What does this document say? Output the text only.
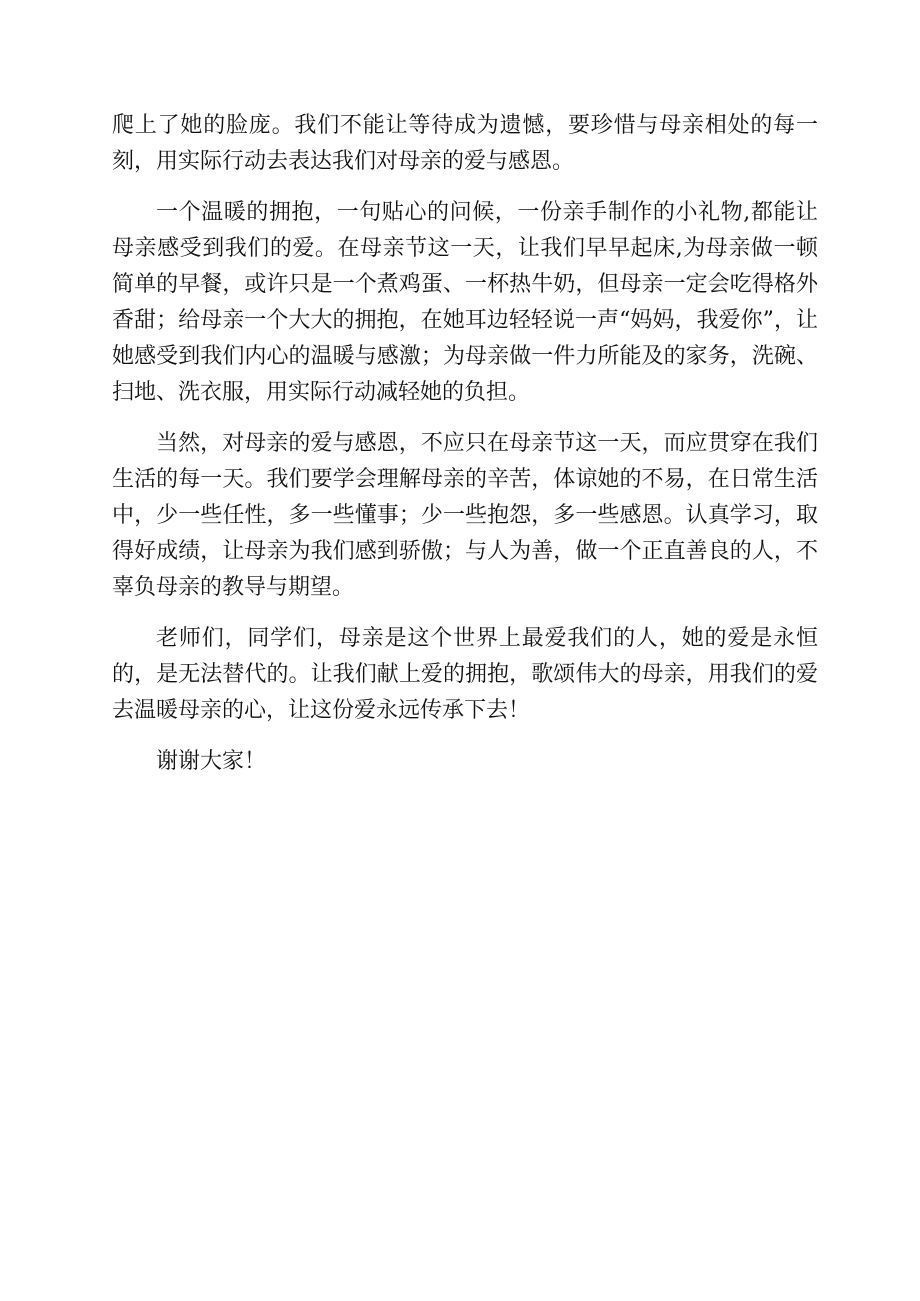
爬上了她的脸庞。我们不能让等待成为遗憾，要珍惜与母亲相处的每一刻，用实际行动去表达我们对母亲的爱与感恩。

一个温暖的拥抱，一句贴心的问候，一份亲手制作的小礼物,都能让母亲感受到我们的爱。在母亲节这一天，让我们早早起床,为母亲做一顿简单的早餐，或许只是一个煮鸡蛋、一杯热牛奶，但母亲一定会吃得格外香甜；给母亲一个大大的拥抱，在她耳边轻轻说一声“妈妈，我爱你”，让她感受到我们内心的温暖与感激；为母亲做一件力所能及的家务，洗碗、扫地、洗衣服，用实际行动减轻她的负担。

当然，对母亲的爱与感恩，不应只在母亲节这一天，而应贯穿在我们生活的每一天。我们要学会理解母亲的辛苦，体谅她的不易，在日常生活中，少一些任性，多一些懂事；少一些抱怨，多一些感恩。认真学习，取得好成绩，让母亲为我们感到骄傲；与人为善，做一个正直善良的人，不辜负母亲的教导与期望。

老师们，同学们，母亲是这个世界上最爱我们的人，她的爱是永恒的，是无法替代的。让我们献上爱的拥抱，歌颂伟大的母亲，用我们的爱去温暖母亲的心，让这份爱永远传承下去！

谢谢大家！
